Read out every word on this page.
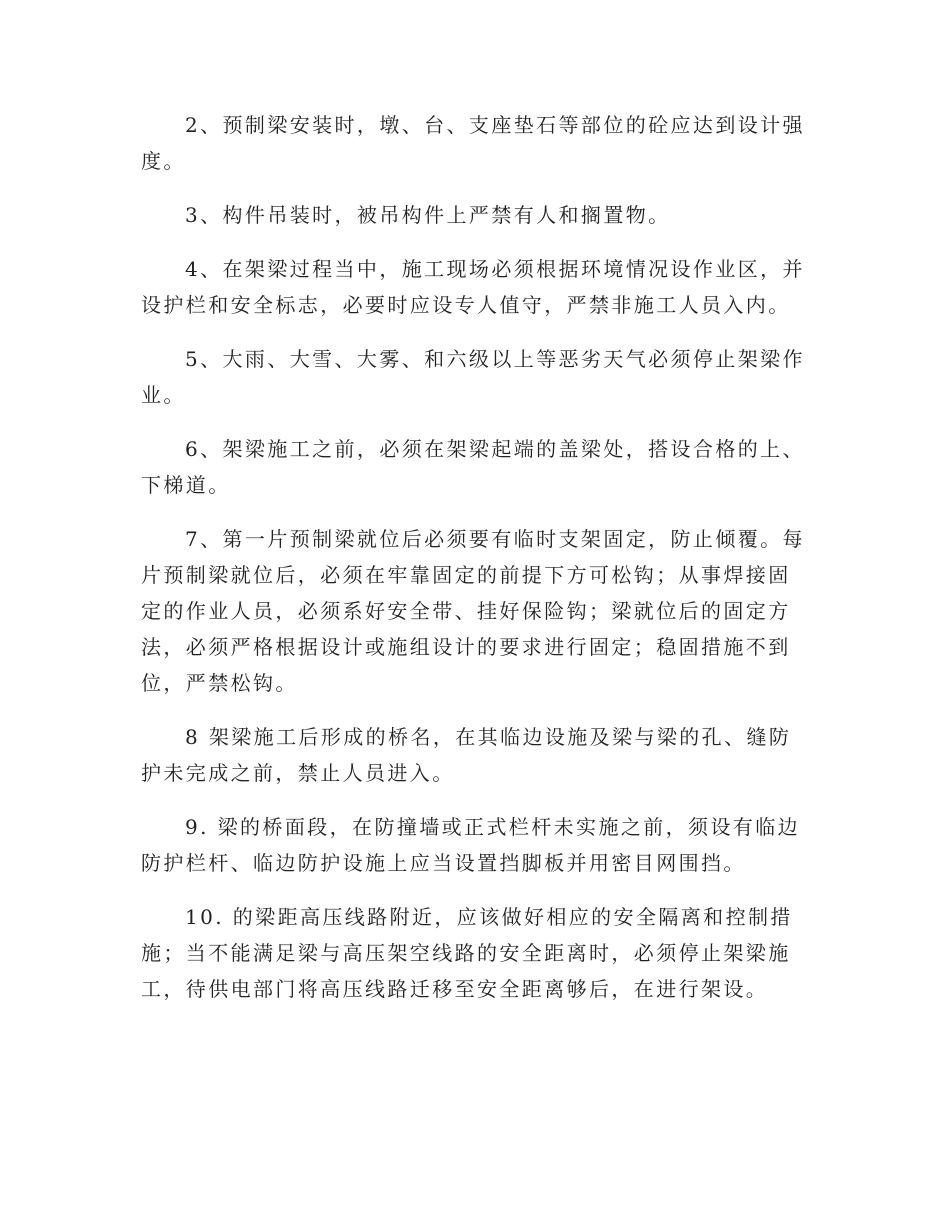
2、预制梁安装时，墩、台、支座垫石等部位的砼应达到设计强度。

3、构件吊装时，被吊构件上严禁有人和搁置物。

4、在架梁过程当中，施工现场必须根据环境情况设作业区，并设护栏和安全标志，必要时应设专人值守，严禁非施工人员入内。

5、大雨、大雪、大雾、和六级以上等恶劣天气必须停止架梁作业。

6、架梁施工之前，必须在架梁起端的盖梁处，搭设合格的上、下梯道。

7、第一片预制梁就位后必须要有临时支架固定，防止倾覆。每片预制梁就位后，必须在牢靠固定的前提下方可松钩；从事焊接固定的作业人员，必须系好安全带、挂好保险钩；梁就位后的固定方法，必须严格根据设计或施组设计的要求进行固定；稳固措施不到位，严禁松钩。

8 架梁施工后形成的桥名，在其临边设施及梁与梁的孔、缝防护未完成之前，禁止人员进入。

9. 梁的桥面段，在防撞墙或正式栏杆未实施之前，须设有临边防护栏杆、临边防护设施上应当设置挡脚板并用密目网围挡。

10. 的梁距高压线路附近，应该做好相应的安全隔离和控制措施；当不能满足梁与高压架空线路的安全距离时，必须停止架梁施工，待供电部门将高压线路迁移至安全距离够后，在进行架设。
